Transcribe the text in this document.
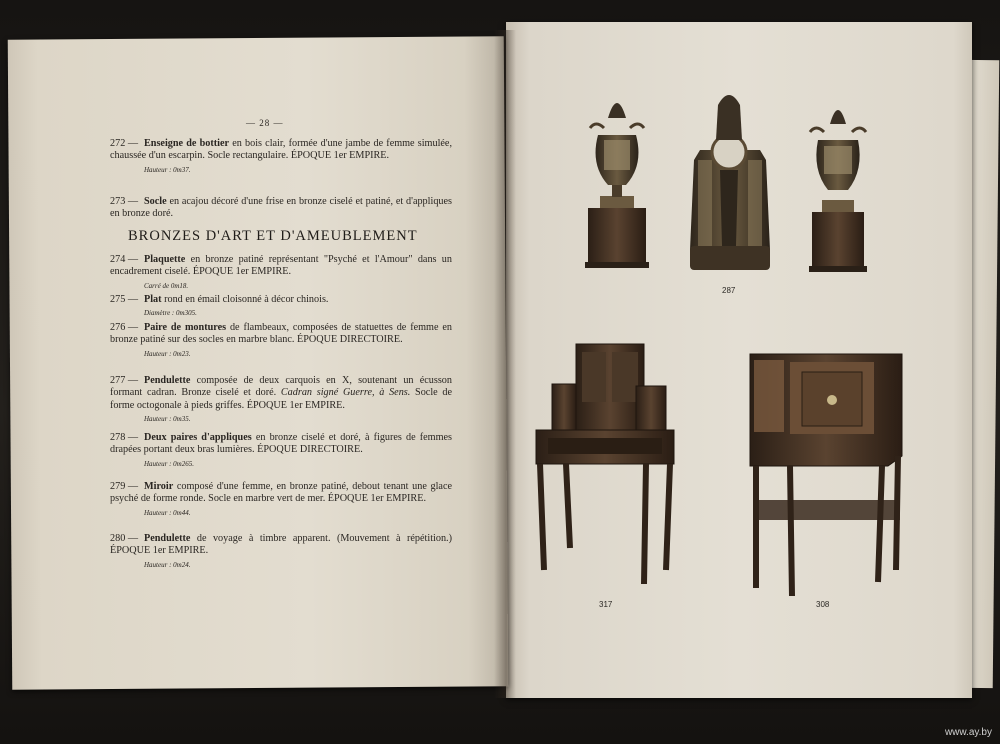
— 28 —
272 — Enseigne de bottier en bois clair, formée d'une jambe de femme simulée, chaussée d'un escarpin. Socle rectangulaire. ÉPOQUE 1er EMPIRE.
Hauteur : 0m37.
273 — Socle en acajou décoré d'une frise en bronze ciselé et patiné, et d'appliques en bronze doré.
BRONZES D'ART ET D'AMEUBLEMENT
274 — Plaquette en bronze patiné représentant "Psyché et l'Amour" dans un encadrement ciselé. ÉPOQUE 1er EMPIRE.
Carré de 0m18.
275 — Plat rond en émail cloisonné à décor chinois.
Diamètre : 0m305.
276 — Paire de montures de flambeaux, composées de statuettes de femme en bronze patiné sur des socles en marbre blanc. ÉPOQUE DIRECTOIRE.
Hauteur : 0m23.
277 — Pendulette composée de deux carquois en X, soutenant un écusson formant cadran. Bronze ciselé et doré. Cadran signé Guerre, à Sens. Socle de forme octogonale à pieds griffes. ÉPOQUE 1er EMPIRE.
Hauteur : 0m35.
278 — Deux paires d'appliques en bronze ciselé et doré, à figures de femmes drapées portant deux bras lumières. ÉPOQUE DIRECTOIRE.
Hauteur : 0m265.
279 — Miroir composé d'une femme, en bronze patiné, debout tenant une glace psyché de forme ronde. Socle en marbre vert de mer. ÉPOQUE 1er EMPIRE.
Hauteur : 0m44.
280 — Pendulette de voyage à timbre apparent. (Mouvement à répétition.) ÉPOQUE 1er EMPIRE.
Hauteur : 0m24.
287
317	308
www.ay.by
